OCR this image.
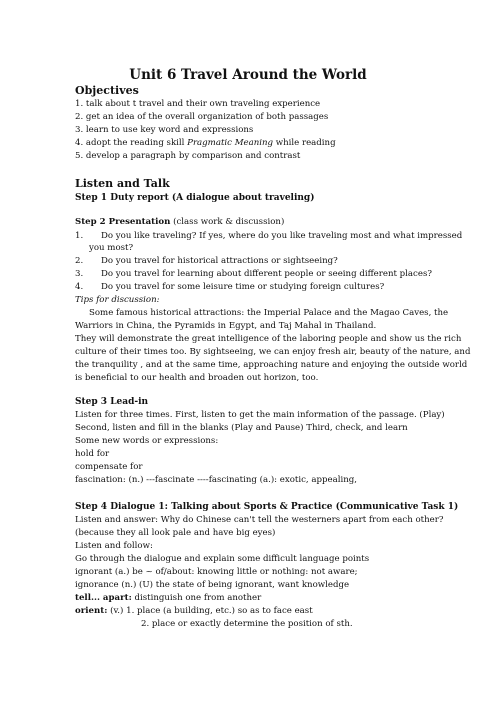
Unit 6 Travel Around the World
Objectives
1. talk about t travel and their own traveling experience
2. get an idea of the overall organization of both passages
3. learn to use key word and expressions
4. adopt the reading skill Pragmatic Meaning while reading
5. develop a paragraph by comparison and contrast
Listen and Talk
Step 1 Duty report (A dialogue about traveling)
Step 2 Presentation (class work & discussion)
1. Do you like traveling? If yes, where do you like traveling most and what impressed
you most?
2. Do you travel for historical attractions or sightseeing?
3. Do you travel for learning about different people or seeing different places?
4. Do you travel for some leisure time or studying foreign cultures?
Tips for discussion:
Some famous historical attractions: the Imperial Palace and the Magao Caves, the
Warriors in China, the Pyramids in Egypt, and Taj Mahal in Thailand.
They will demonstrate the great intelligence of the laboring people and show us the rich
culture of their times too. By sightseeing, we can enjoy fresh air, beauty of the nature, and
the tranquility , and at the same time, approaching nature and enjoying the outside world
is beneficial to our health and broaden out horizon, too.
Step 3 Lead-in
Listen for three times. First, listen to get the main information of the passage. (Play)
Second, listen and fill in the blanks (Play and Pause) Third, check, and learn
Some new words or expressions:
hold for
compensate for
fascination: (n.) ---fascinate ----fascinating (a.): exotic, appealing,
Step 4 Dialogue 1: Talking about Sports & Practice (Communicative Task 1)
Listen and answer: Why do Chinese can't tell the westerners apart from each other?
(because they all look pale and have big eyes)
Listen and follow:
Go through the dialogue and explain some difficult language points
ignorant (a.) be ~ of/about: knowing little or nothing: not aware;
ignorance (n.) (U) the state of being ignorant, want knowledge
tell... apart: distinguish one from another
orient: (v.) 1. place (a building, etc.) so as to face east
2. place or exactly determine the position of sth.
